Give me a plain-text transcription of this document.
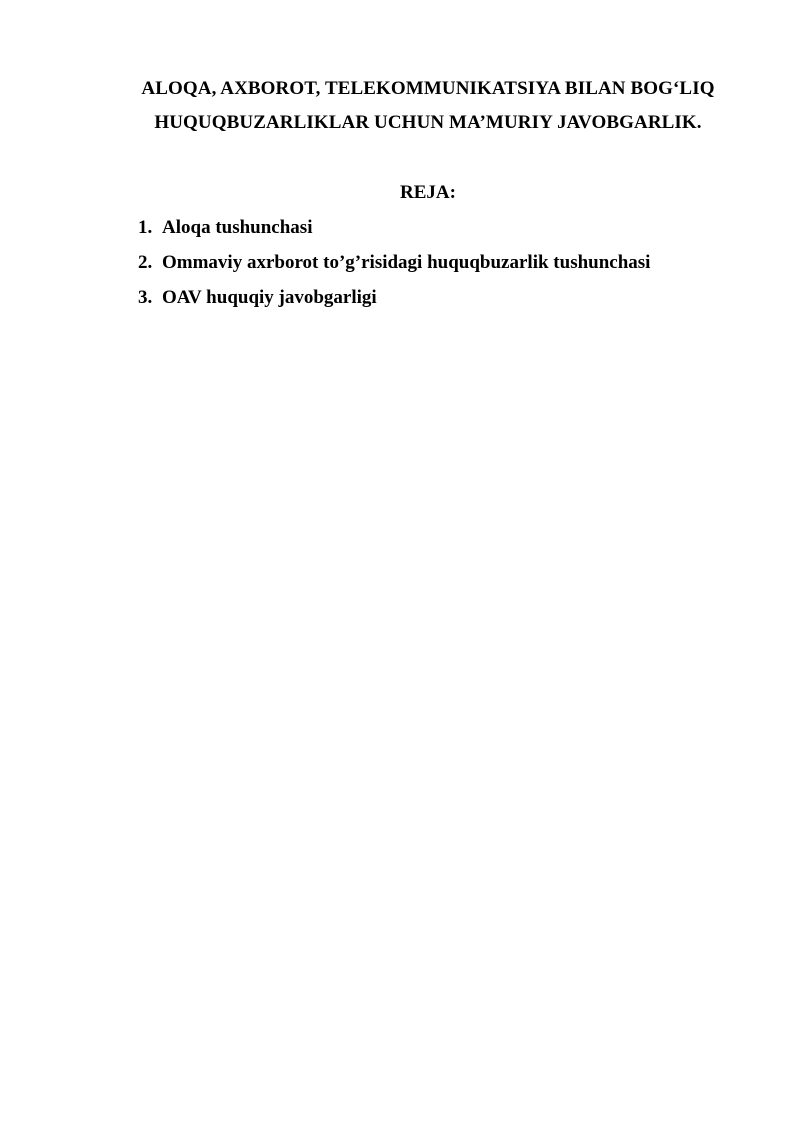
ALOQA, AXBOROT, TELEKOMMUNIKATSIYA BILAN BOG‘LIQ
HUQUQBUZARLIKLAR UCHUN MA’MURIY JAVOBGARLIK.
REJA:
1. Aloqa tushunchasi
2. Ommaviy axrborot to’g’risidagi huquqbuzarlik tushunchasi
3. OAV huquqiy javobgarligi
